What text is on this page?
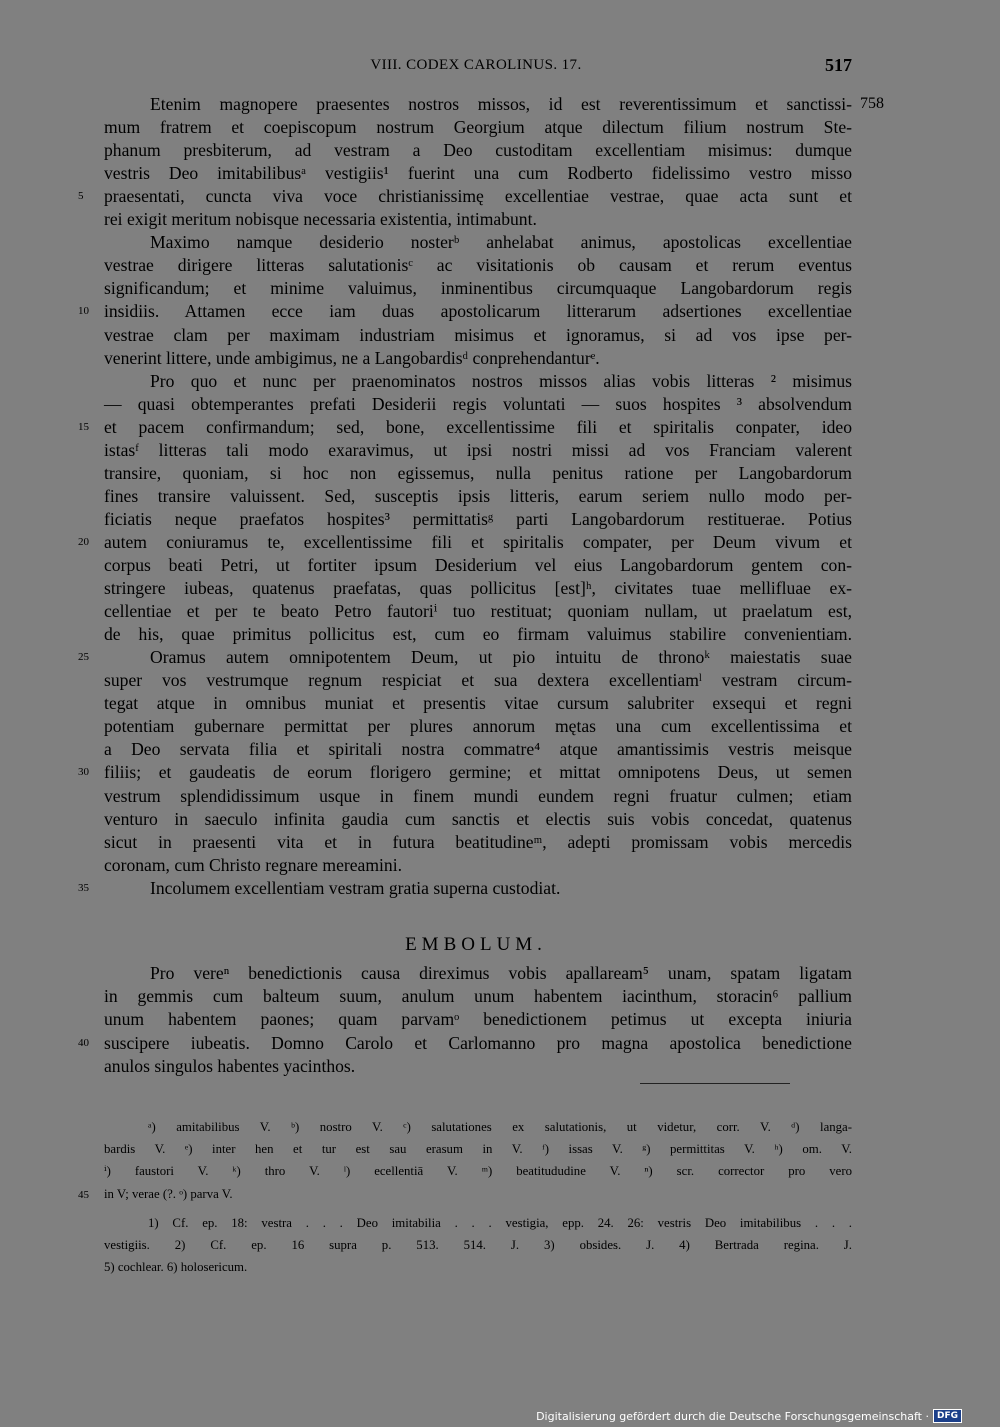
VIII. CODEX CAROLINUS. 17.	517
Etenim magnopere praesentes nostros missos, id est reverentissimum et sanctissi-
mum fratrem et coepiscopum nostrum Georgium atque dilectum filium nostrum Ste-
phanum presbiterum, ad vestram a Deo custoditam excellentiam misimus: dumque
vestris Deo imitabilibusᵃ vestigiis¹ fuerint una cum Rodberto fidelissimo vestro misso
praesentati, cuncta viva voce christianissimę excellentiae vestrae, quae acta sunt et
5
rei exigit meritum nobisque necessaria existentia, intimabunt.
Maximo namque desiderio nosterᵇ anhelabat animus, apostolicas excellentiae
vestrae dirigere litteras salutationisᶜ ac visitationis ob causam et rerum eventus
significandum; et minime valuimus, inminentibus circumquaque Langobardorum regis
insidiis. Attamen ecce iam duas apostolicarum litterarum adsertiones excellentiae
10
vestrae clam per maximam industriam misimus et ignoramus, si ad vos ipse per-
venerint littere, unde ambigimus, ne a Langobardisᵈ conprehendanturᵉ.
Pro quo et nunc per praenominatos nostros missos alias vobis litteras ² misimus
— quasi obtemperantes prefati Desiderii regis voluntati — suos hospites ³ absolvendum
et pacem confirmandum; sed, bone, excellentissime fili et spiritalis conpater, ideo
15
istasᶠ litteras tali modo exaravimus, ut ipsi nostri missi ad vos Franciam valerent
transire, quoniam, si hoc non egissemus, nulla penitus ratione per Langobardorum
fines transire valuissent. Sed, susceptis ipsis litteris, earum seriem nullo modo per-
ficiatis neque praefatos hospites³ permittatisᵍ parti Langobardorum restituerae. Potius
autem coniuramus te, excellentissime fili et spiritalis compater, per Deum vivum et
20
corpus beati Petri, ut fortiter ipsum Desiderium vel eius Langobardorum gentem con-
stringere iubeas, quatenus praefatas, quas pollicitus [est]ʰ, civitates tuae mellifluae ex-
cellentiae et per te beato Petro fautoriⁱ tuo restituat; quoniam nullam, ut praelatum est,
de his, quae primitus pollicitus est, cum eo firmam valuimus stabilire convenientiam.
Oramus autem omnipotentem Deum, ut pio intuitu de thronoᵏ maiestatis suae
25
super vos vestrumque regnum respiciat et sua dextera excellentiamˡ vestram circum-
tegat atque in omnibus muniat et presentis vitae cursum salubriter exsequi et regni
potentiam gubernare permittat per plures annorum mętas una cum excellentissima et
a Deo servata filia et spiritali nostra commatre⁴ atque amantissimis vestris meisque
filiis; et gaudeatis de eorum florigero germine; et mittat omnipotens Deus, ut semen
30
vestrum splendidissimum usque in finem mundi eundem regni fruatur culmen; etiam
venturo in saeculo infinita gaudia cum sanctis et electis suis vobis concedat, quatenus
sicut in praesenti vita et in futura beatitudineᵐ, adepti promissam vobis mercedis
coronam, cum Christo regnare mereamini.
Incolumem excellentiam vestram gratia superna custodiat.
35
758
EMBOLUM.
Pro vereⁿ benedictionis causa direximus vobis apallaream⁵ unam, spatam ligatam
in gemmis cum balteum suum, anulum unum habentem iacinthum, storacin⁶ pallium
unum habentem paones; quam parvamᵒ benedictionem petimus ut excepta iniuria
suscipere iubeatis. Domno Carolo et Carlomanno pro magna apostolica benedictione
40
anulos singulos habentes yacinthos.
ᵃ) amitabilibus V. ᵇ) nostro V. ᶜ) salutationes ex salutationis, ut videtur, corr. V. ᵈ) langa-
bardis V. ᵉ) inter hen et tur est sau erasum in V. ᶠ) issas V. ᵍ) permittitas V. ʰ) om. V.
ⁱ) faustori V. ᵏ) thro V. ˡ) ecellentiā V. ᵐ) beatitududine V. ⁿ) scr. corrector pro vero
in V; verae (?. ᵒ) parva V.
45
1) Cf. ep. 18: vestra . . . Deo imitabilia . . . vestigia, epp. 24. 26: vestris Deo imitabilibus . . .
vestigiis. 2) Cf. ep. 16 supra p. 513. 514. J. 3) obsides. J. 4) Bertrada regina. J.
5) cochlear. 6) holosericum.
Digitalisierung gefördert durch die Deutsche Forschungsgemeinschaft · DFG
